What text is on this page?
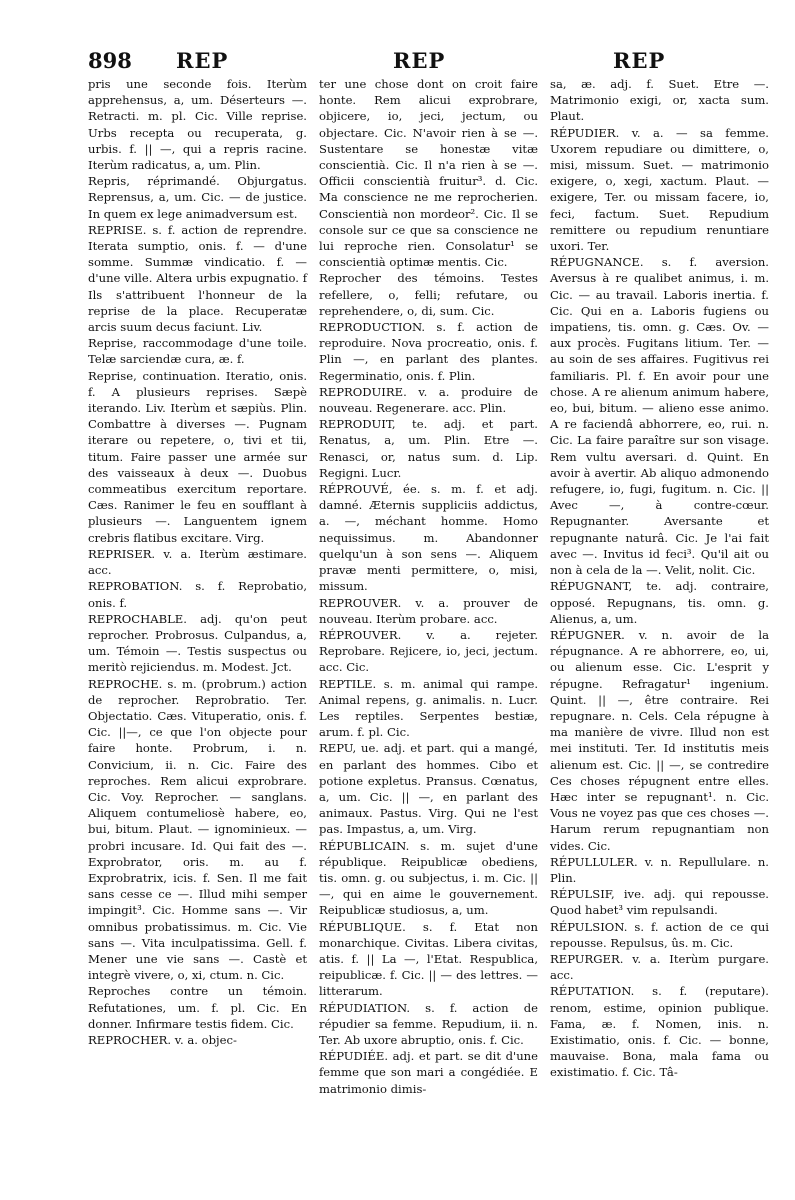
898 REP	REP	REP

pris une seconde fois. Iterùm apprehensus, a, um. Déserteurs —. Retracti. m. pl. Cic. Ville reprise. Urbs recepta ou recuperata, g. urbis. f. || —, qui a repris racine. Iterùm radicatus, a, um. Plin.

Repris, réprimandé. Objurgatus. Reprensus, a, um. Cic. — de justice. In quem ex lege animadversum est.

REPRISE. s. f. action de reprendre. Iterata sumptio, onis. f. — d'une somme. Summæ vindicatio. f. — d'une ville. Altera urbis expugnatio. f Ils s'attribuent l'honneur de la reprise de la place. Recuperatæ arcis suum decus faciunt. Liv.

Reprise, raccommodage d'une toile. Telæ sarciendæ cura, æ. f.

Reprise, continuation. Iteratio, onis. f. A plusieurs reprises. Sæpè iterando. Liv. Iterùm et sæpiùs. Plin. Combattre à diverses —. Pugnam iterare ou repetere, o, tivi et tii, titum. Faire passer une armée sur des vaisseaux à deux —. Duobus commeatibus exercitum reportare. Cæs. Ranimer le feu en soufflant à plusieurs —. Languentem ignem crebris flatibus excitare. Virg.

REPRISER. v. a. Iterùm æstimare. acc.

REPROBATION. s. f. Reprobatio, onis. f.

REPROCHABLE. adj. qu'on peut reprocher. Probrosus. Culpandus, a, um. Témoin —. Testis suspectus ou meritò rejiciendus. m. Modest. Jct.

REPROCHE. s. m. (probrum.) action de reprocher. Reprobratio. Ter. Objectatio. Cæs. Vituperatio, onis. f. Cic. ||—, ce que l'on objecte pour faire honte. Probrum, i. n. Convicium, ii. n. Cic. Faire des reproches. Rem alicui exprobrare. Cic. Voy. Reprocher. — sanglans. Aliquem contumeliosè habere, eo, bui, bitum. Plaut. — ignominieux. — probri incusare. Id. Qui fait des —. Exprobrator, oris. m. au f. Exprobratrix, icis. f. Sen. Il me fait sans cesse ce —. Illud mihi semper impingit³. Cic. Homme sans —. Vir omnibus probatissimus. m. Cic. Vie sans —. Vita inculpatissima. Gell. f. Mener une vie sans —. Castè et integrè vivere, o, xi, ctum. n. Cic.

Reproches contre un témoin. Refutationes, um. f. pl. Cic. En donner. Infirmare testis fidem. Cic.

REPROCHER. v. a. objec-

ter une chose dont on croit faire honte. Rem alicui exprobrare, objicere, io, jeci, jectum, ou objectare. Cic. N'avoir rien à se —. Sustentare se honestæ vitæ conscientià. Cic. Il n'a rien à se —. Officii conscientià fruitur³. d. Cic. Ma conscience ne me reprocherien. Conscientià non mordeor². Cic. Il se console sur ce que sa conscience ne lui reproche rien. Consolatur¹ se conscientià optimæ mentis. Cic.

Reprocher des témoins. Testes refellere, o, felli; refutare, ou reprehendere, o, di, sum. Cic.

REPRODUCTION. s. f. action de reproduire. Nova procreatio, onis. f. Plin —, en parlant des plantes. Regerminatio, onis. f. Plin.

REPRODUIRE. v. a. produire de nouveau. Regenerare. acc. Plin.

REPRODUIT, te. adj. et part. Renatus, a, um. Plin. Etre —. Renasci, or, natus sum. d. Lip. Regigni. Lucr.

RÉPROUVÉ, ée. s. m. f. et adj. damné. Æternis suppliciis addictus, a. —, méchant homme. Homo nequissimus. m. Abandonner quelqu'un à son sens —. Aliquem pravæ menti permittere, o, misi, missum.

REPROUVER. v. a. prouver de nouveau. Iterùm probare. acc.

RÉPROUVER. v. a. rejeter. Reprobare. Rejicere, io, jeci, jectum. acc. Cic.

REPTILE. s. m. animal qui rampe. Animal repens, g. animalis. n. Lucr. Les reptiles. Serpentes bestiæ, arum. f. pl. Cic.

REPU, ue. adj. et part. qui a mangé, en parlant des hommes. Cibo et potione expletus. Pransus. Cœnatus, a, um. Cic. || —, en parlant des animaux. Pastus. Virg. Qui ne l'est pas. Impastus, a, um. Virg.

RÉPUBLICAIN. s. m. sujet d'une république. Reipublicæ obediens, tis. omn. g. ou subjectus, i. m. Cic. ||—, qui en aime le gouvernement. Reipublicæ studiosus, a, um.

RÉPUBLIQUE. s. f. Etat non monarchique. Civitas. Libera civitas, atis. f. || La —, l'Etat. Respublica, reipublicæ. f. Cic. || — des lettres. — litterarum.

RÉPUDIATION. s. f. action de répudier sa femme. Repudium, ii. n. Ter. Ab uxore abruptio, onis. f. Cic.

RÉPUDIÉE. adj. et part. se dit d'une femme que son mari a congédiée. E matrimonio dimis-

sa, æ. adj. f. Suet. Etre —. Matrimonio exigi, or, xacta sum. Plaut.

RÉPUDIER. v. a. — sa femme. Uxorem repudiare ou dimittere, o, misi, missum. Suet. — matrimonio exigere, o, xegi, xactum. Plaut. — exigere, Ter. ou missam facere, io, feci, factum. Suet. Repudium remittere ou repudium renuntiare uxori. Ter.

RÉPUGNANCE. s. f. aversion. Aversus à re qualibet animus, i. m. Cic. — au travail. Laboris inertia. f. Cic. Qui en a. Laboris fugiens ou impatiens, tis. omn. g. Cæs. Ov. — aux procès. Fugitans litium. Ter. — au soin de ses affaires. Fugitivus rei familiaris. Pl. f. En avoir pour une chose. A re alienum animum habere, eo, bui, bitum. — alieno esse animo. A re faciendâ abhorrere, eo, rui. n. Cic. La faire paraître sur son visage. Rem vultu aversari. d. Quint. En avoir à avertir. Ab aliquo admonendo refugere, io, fugi, fugitum. n. Cic. || Avec —, à contre-cœur. Repugnanter. Aversante et repugnante naturâ. Cic. Je l'ai fait avec —. Invitus id feci³. Qu'il ait ou non à cela de la —. Velit, nolit. Cic.

RÉPUGNANT, te. adj. contraire, opposé. Repugnans, tis. omn. g. Alienus, a, um.

RÉPUGNER. v. n. avoir de la répugnance. A re abhorrere, eo, ui, ou alienum esse. Cic. L'esprit y répugne. Refragatur¹ ingenium. Quint. || —, être contraire. Rei repugnare. n. Cels. Cela répugne à ma manière de vivre. Illud non est mei instituti. Ter. Id institutis meis alienum est. Cic. || —, se contredire Ces choses répugnent entre elles. Hæc inter se repugnant¹. n. Cic. Vous ne voyez pas que ces choses —. Harum rerum repugnantiam non vides. Cic.

RÉPULLULER. v. n. Repullulare. n. Plin.

RÉPULSIF, ive. adj. qui repousse. Quod habet³ vim repulsandi.

RÉPULSION. s. f. action de ce qui repousse. Repulsus, ûs. m. Cic.

REPURGER. v. a. Iterùm purgare. acc.

RÉPUTATION. s. f. (reputare). renom, estime, opinion publique. Fama, æ. f. Nomen, inis. n. Existimatio, onis. f. Cic. — bonne, mauvaise. Bona, mala fama ou existimatio. f. Cic. Tâ-
